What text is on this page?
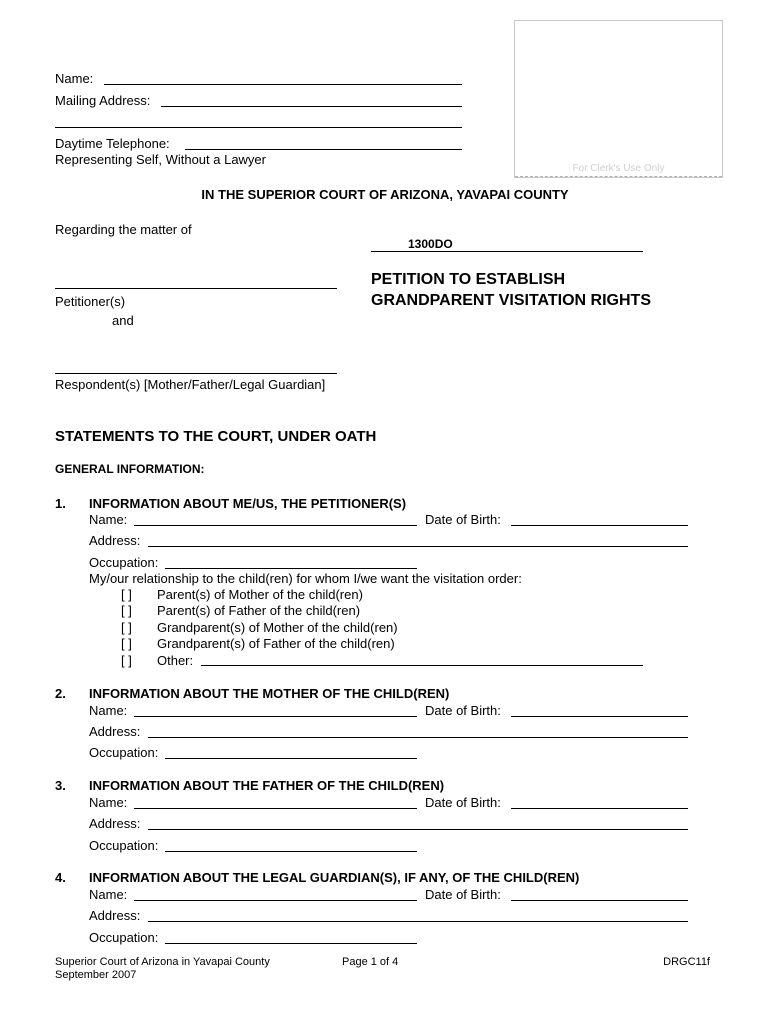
Name:
Mailing Address:
Daytime Telephone:
Representing Self, Without a Lawyer
For Clerk's Use Only
IN THE SUPERIOR COURT OF ARIZONA, YAVAPAI COUNTY
Regarding the matter of
1300DO
Petitioner(s)
and
PETITION TO ESTABLISH
GRANDPARENT VISITATION RIGHTS
Respondent(s) [Mother/Father/Legal Guardian]
STATEMENTS TO THE COURT, UNDER OATH
GENERAL INFORMATION:
1. INFORMATION ABOUT ME/US, THE PETITIONER(S)
Name:	Date of Birth:
Address:
Occupation:
My/our relationship to the child(ren) for whom I/we want the visitation order:
[ ] Parent(s) of Mother of the child(ren)
[ ] Parent(s) of Father of the child(ren)
[ ] Grandparent(s) of Mother of the child(ren)
[ ] Grandparent(s) of Father of the child(ren)
[ ] Other:
2. INFORMATION ABOUT THE MOTHER OF THE CHILD(REN)
Name:	Date of Birth:
Address:
Occupation:
3. INFORMATION ABOUT THE FATHER OF THE CHILD(REN)
Name:	Date of Birth:
Address:
Occupation:
4. INFORMATION ABOUT THE LEGAL GUARDIAN(S), IF ANY, OF THE CHILD(REN)
Name:	Date of Birth:
Address:
Occupation:
Superior Court of Arizona in Yavapai County
September 2007
Page 1 of 4	DRGC11f
